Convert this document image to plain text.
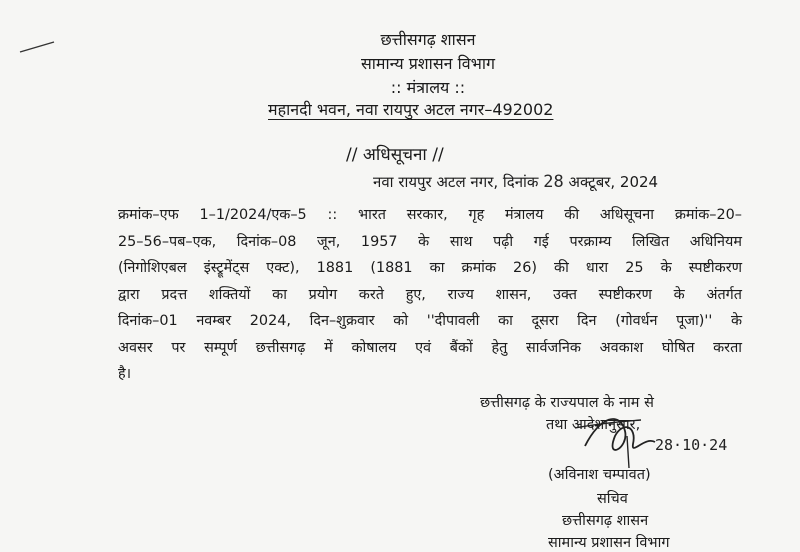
छत्तीसगढ़ शासन
सामान्य प्रशासन विभाग
:: मंत्रालय ::
महानदी भवन, नवा रायपुर अटल नगर–492002
// अधिसूचना //
नवा रायपुर अटल नगर, दिनांक 28 अक्टूबर, 2024
क्रमांक–एफ 1–1/2024/एक–5 :: भारत सरकार, गृह मंत्रालय की अधिसूचना क्रमांक–20–
25–56–पब–एक, दिनांक–08 जून, 1957 के साथ पढ़ी गई परक्राम्य लिखित अधिनियम
(निगोशिएबल इंस्ट्रूमेंट्स एक्ट), 1881 (1881 का क्रमांक 26) की धारा 25 के स्पष्टीकरण
द्वारा प्रदत्त शक्तियों का प्रयोग करते हुए, राज्य शासन, उक्त स्पष्टीकरण के अंतर्गत
दिनांक–01 नवम्बर 2024, दिन–शुक्रवार को ''दीपावली का दूसरा दिन (गोवर्धन पूजा)'' के
अवसर पर सम्पूर्ण छत्तीसगढ़ में कोषालय एवं बैंकों हेतु सार्वजनिक अवकाश घोषित करता
है।
छत्तीसगढ़ के राज्यपाल के नाम से
तथा आदेशानुसार,
28·10·24
(अविनाश चम्पावत)
सचिव
छत्तीसगढ़ शासन
सामान्य प्रशासन विभाग
